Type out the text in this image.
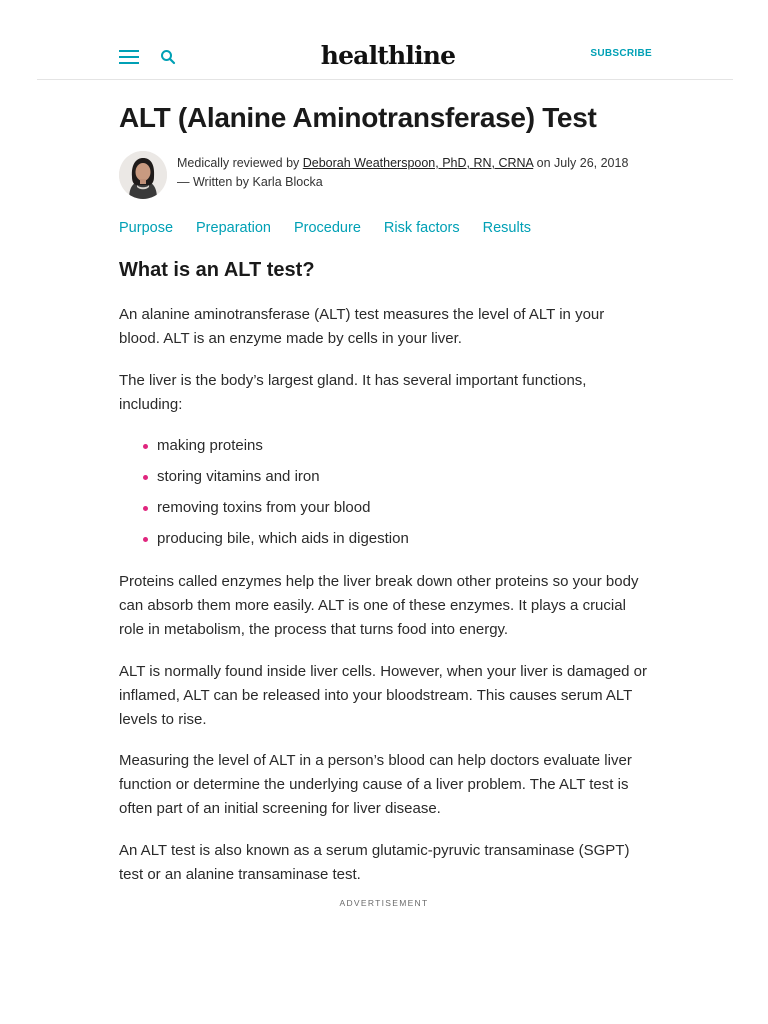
healthline	SUBSCRIBE
ALT (Alanine Aminotransferase) Test

Medically reviewed by Deborah Weatherspoon, PhD, RN, CRNA on July 26, 2018 — Written by Karla Blocka

Purpose Preparation Procedure Risk factors Results
What is an ALT test?

An alanine aminotransferase (ALT) test measures the level of ALT in your blood. ALT is an enzyme made by cells in your liver.

The liver is the body’s largest gland. It has several important functions, including:

making proteins
storing vitamins and iron
removing toxins from your blood
producing bile, which aids in digestion

Proteins called enzymes help the liver break down other proteins so your body can absorb them more easily. ALT is one of these enzymes. It plays a crucial role in metabolism, the process that turns food into energy.

ALT is normally found inside liver cells. However, when your liver is damaged or inflamed, ALT can be released into your bloodstream. This causes serum ALT levels to rise.

Measuring the level of ALT in a person’s blood can help doctors evaluate liver function or determine the underlying cause of a liver problem. The ALT test is often part of an initial screening for liver disease.

An ALT test is also known as a serum glutamic-pyruvic transaminase (SGPT) test or an alanine transaminase test.

ADVERTISEMENT
